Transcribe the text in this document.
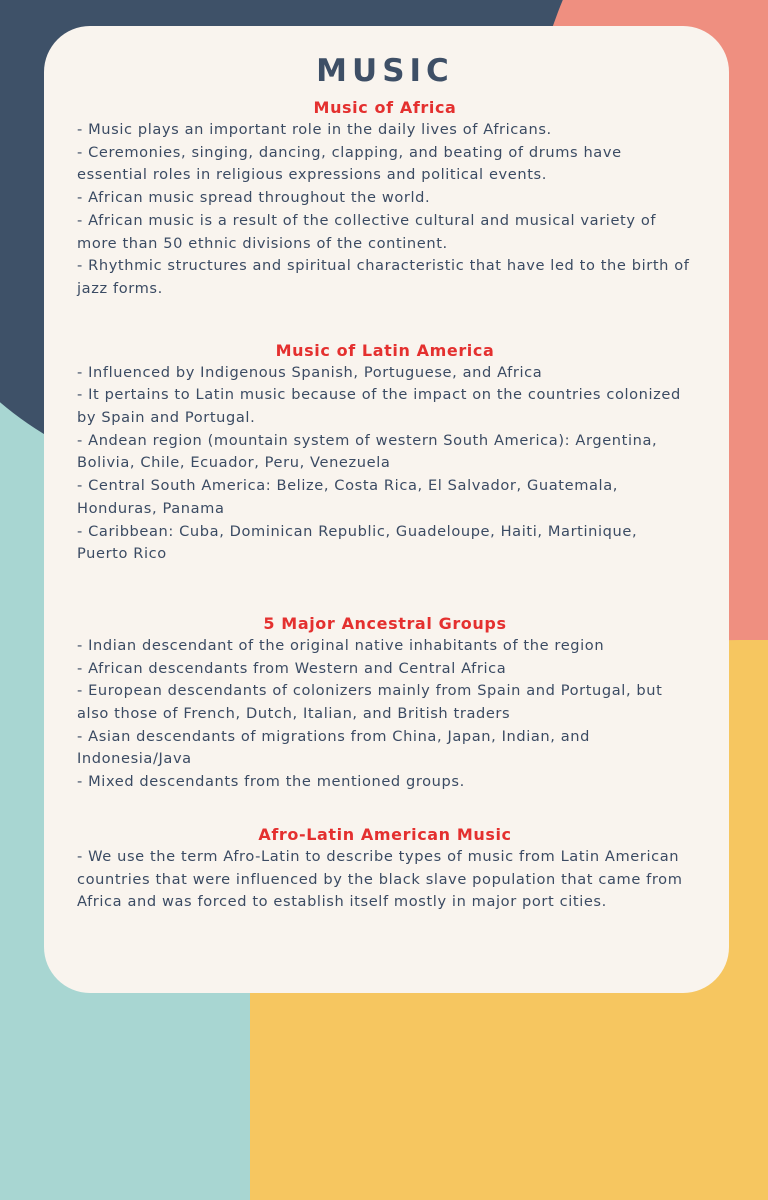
MUSIC
Music of Africa
- Music plays an important role in the daily lives of Africans.
- Ceremonies, singing, dancing, clapping, and beating of drums have essential roles in religious expressions and political events.
- African music spread throughout the world.
- African music is a result of the collective cultural and musical variety of more than 50 ethnic divisions of the continent.
- Rhythmic structures and spiritual characteristic that have led to the birth of jazz forms.
Music of Latin America
- Influenced by Indigenous Spanish, Portuguese, and Africa
- It pertains to Latin music because of the impact on the countries colonized by Spain and Portugal.
- Andean region (mountain system of western South America): Argentina, Bolivia, Chile, Ecuador, Peru, Venezuela
- Central South America: Belize, Costa Rica, El Salvador, Guatemala, Honduras, Panama
- Caribbean: Cuba, Dominican Republic, Guadeloupe, Haiti, Martinique, Puerto Rico
5 Major Ancestral Groups
- Indian descendant of the original native inhabitants of the region
- African descendants from Western and Central Africa
- European descendants of colonizers mainly from Spain and Portugal, but also those of French, Dutch, Italian, and British traders
- Asian descendants of migrations from China, Japan, Indian, and Indonesia/Java
- Mixed descendants from the mentioned groups.
Afro-Latin American Music
- We use the term Afro-Latin to describe types of music from Latin American countries that were influenced by the black slave population that came from Africa and was forced to establish itself mostly in major port cities.
